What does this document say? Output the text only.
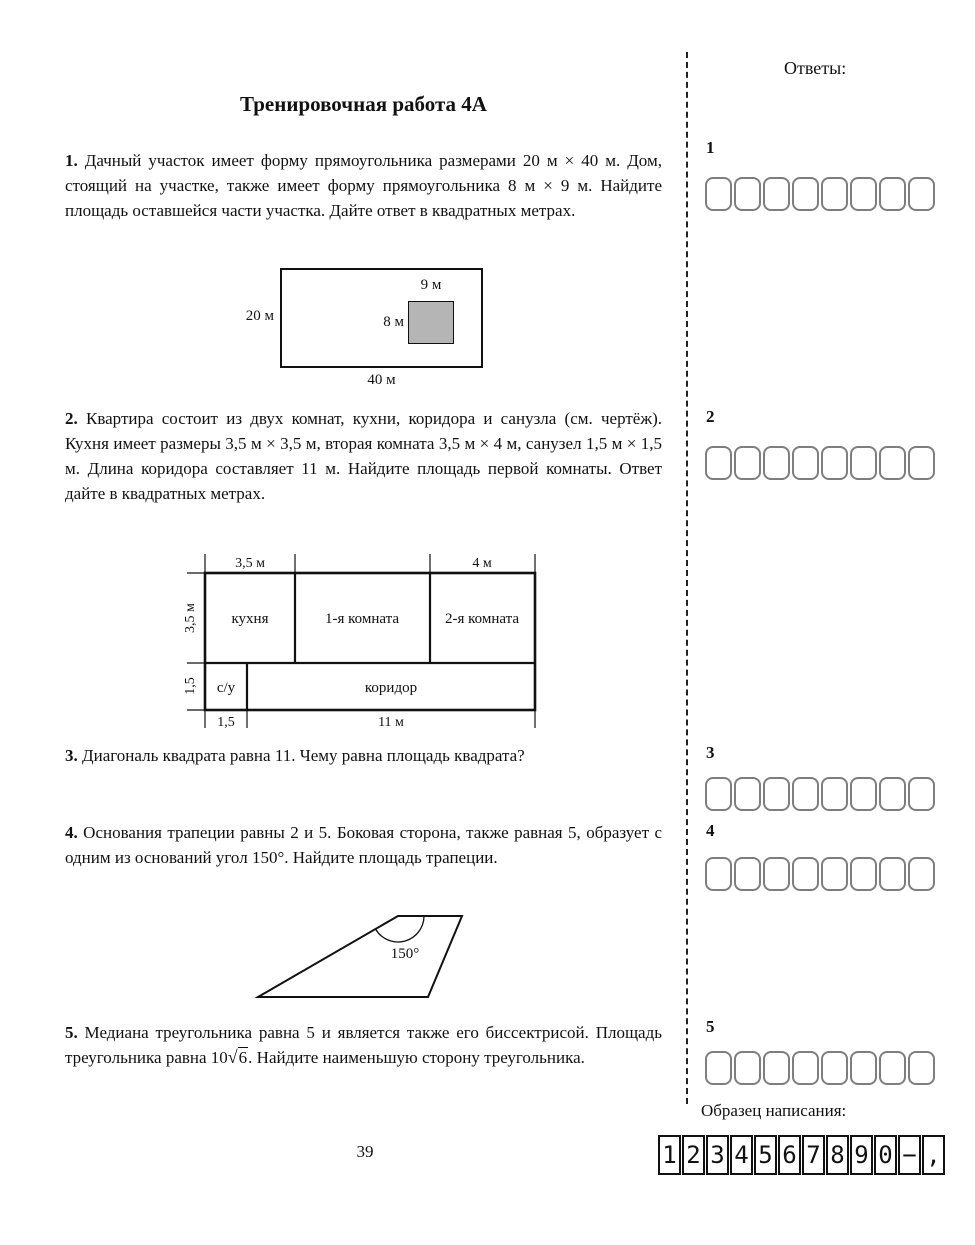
Тренировочная работа 4А

1. Дачный участок имеет форму прямоугольника размерами 20 м × 40 м. Дом, стоящий на участке, также имеет форму прямоугольника 8 м × 9 м. Найдите площадь оставшейся части участка. Дайте ответ в квадратных метрах.

9 м
8 м
20 м
40 м

2. Квартира состоит из двух комнат, кухни, коридора и санузла (см. чертёж). Кухня имеет размеры 3,5 м × 3,5 м, вторая комната 3,5 м × 4 м, санузел 1,5 м × 1,5 м. Длина коридора составляет 11 м. Найдите площадь первой комнаты. Ответ дайте в квадратных метрах.

3,5 м	4 м
3,5 м
1,5
1,5	11 м
кухня	1-я комната	2-я комната
с/у	коридор

3. Диагональ квадрата равна 11. Чему равна площадь квадрата?

4. Основания трапеции равны 2 и 5. Боковая сторона, также равная 5, образует с одним из оснований угол 150°. Найдите площадь трапеции.

150°

5. Медиана треугольника равна 5 и является также его биссектрисой. Площадь треугольника равна 10√6. Найдите наименьшую сторону треугольника.

Ответы:
1
2
3
4
5
Образец написания:
1 2 3 4 5 6 7 8 9 0 − ,
39
